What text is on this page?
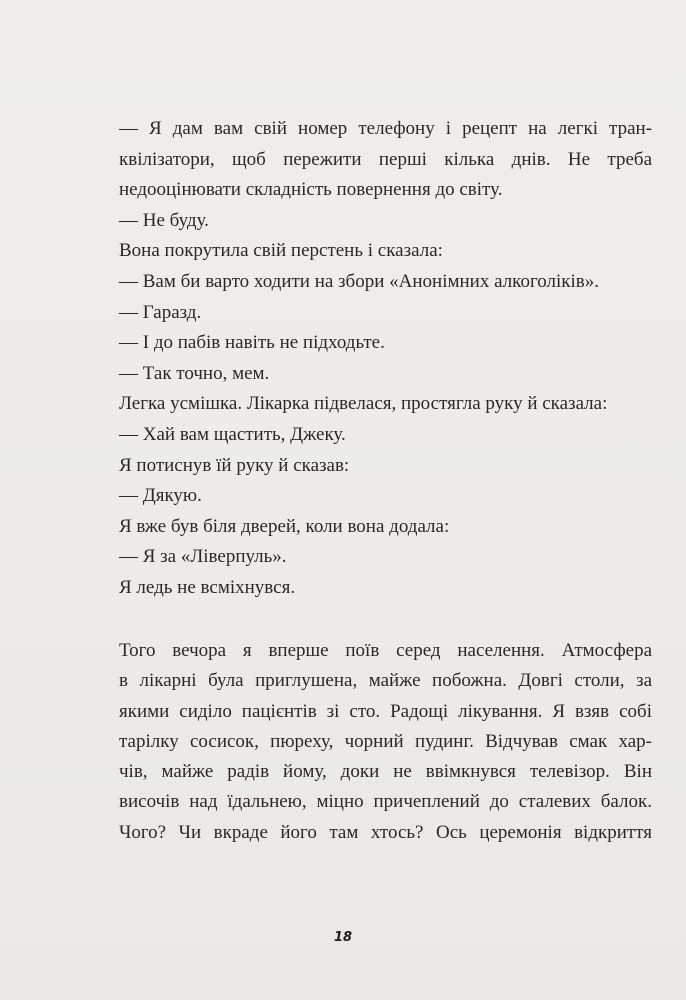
— Я дам вам свій номер телефону і рецепт на легкі тран-
квілізатори, щоб пережити перші кілька днів. Не треба
недооцінювати складність повернення до світу.
— Не буду.
Вона покрутила свій перстень і сказала:
— Вам би варто ходити на збори «Анонімних алкоголіків».
— Гаразд.
— І до пабів навіть не підходьте.
— Так точно, мем.
Легка усмішка. Лікарка підвелася, простягла руку й сказала:
— Хай вам щастить, Джеку.
Я потиснув їй руку й сказав:
— Дякую.
Я вже був біля дверей, коли вона додала:
— Я за «Ліверпуль».
Я ледь не всміхнувся.
Того вечора я вперше поїв серед населення. Атмосфера
в лікарні була приглушена, майже побожна. Довгі столи, за
якими сиділо пацієнтів зі сто. Радощі лікування. Я взяв собі
тарілку сосисок, пюреху, чорний пудинг. Відчував смак хар-
чів, майже радів йому, доки не ввімкнувся телевізор. Він
височів над їдальнею, міцно причеплений до сталевих балок.
Чого? Чи вкраде його там хтось? Ось церемонія відкриття
18
